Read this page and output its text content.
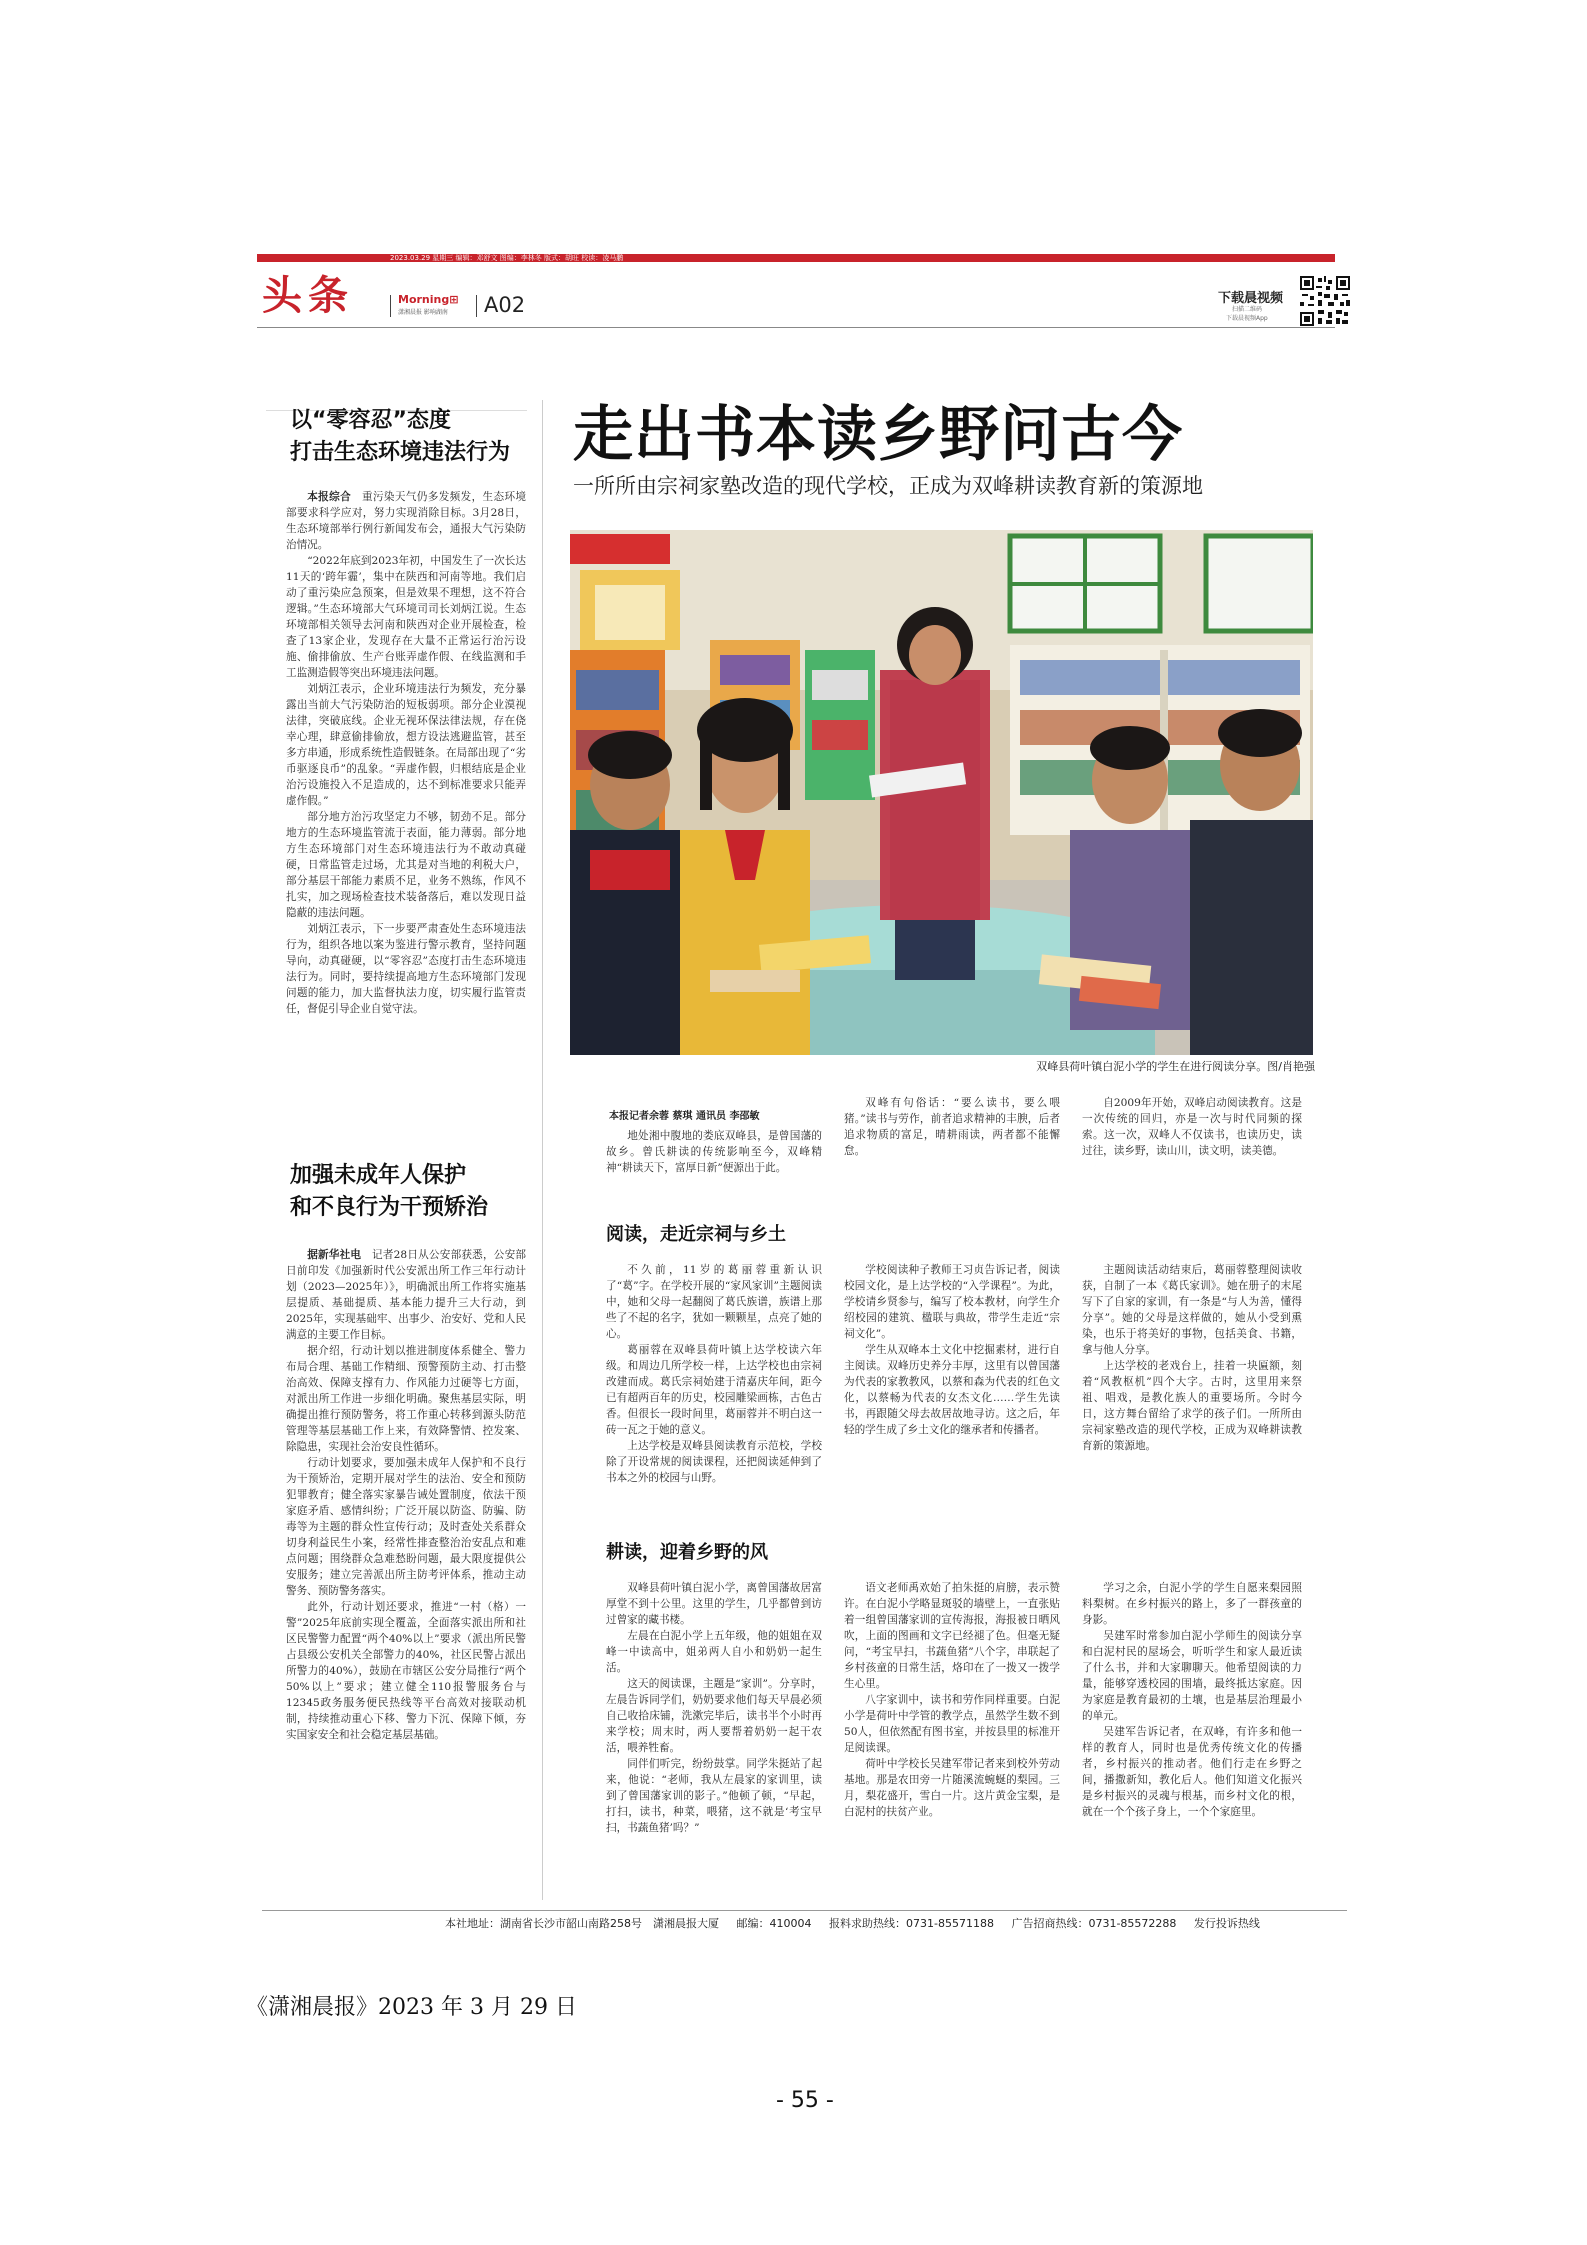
2023.03.29 星期三 编辑：邓舒文 图编：李林冬 版式：胡旺 校读：凌马鹏
头条	Morning⊞
潇湘晨报 影响湖南	A02	下载晨视频
扫描二维码
下载晨视频App
以“零容忍”态度
打击生态环境违法行为

本报综合　重污染天气仍多发频发，生态环境部要求科学应对，努力实现消除目标。3月28日，生态环境部举行例行新闻发布会，通报大气污染防治情况。

“2022年底到2023年初，中国发生了一次长达11天的‘跨年霾’，集中在陕西和河南等地。我们启动了重污染应急预案，但是效果不理想，这不符合逻辑。”生态环境部大气环境司司长刘炳江说。生态环境部相关领导去河南和陕西对企业开展检查，检查了13家企业，发现存在大量不正常运行治污设施、偷排偷放、生产台账弄虚作假、在线监测和手工监测造假等突出环境违法问题。

刘炳江表示，企业环境违法行为频发，充分暴露出当前大气污染防治的短板弱项。部分企业漠视法律，突破底线。企业无视环保法律法规，存在侥幸心理，肆意偷排偷放，想方设法逃避监管，甚至多方串通，形成系统性造假链条。在局部出现了“劣币驱逐良币”的乱象。“弄虚作假，归根结底是企业治污设施投入不足造成的，达不到标准要求只能弄虚作假。”

部分地方治污攻坚定力不够，韧劲不足。部分地方的生态环境监管流于表面，能力薄弱。部分地方生态环境部门对生态环境违法行为不敢动真碰硬，日常监管走过场，尤其是对当地的利税大户，部分基层干部能力素质不足，业务不熟练，作风不扎实，加之现场检查技术装备落后，难以发现日益隐蔽的违法问题。

刘炳江表示，下一步要严肃查处生态环境违法行为，组织各地以案为鉴进行警示教育，坚持问题导向，动真碰硬，以“零容忍”态度打击生态环境违法行为。同时，要持续提高地方生态环境部门发现问题的能力，加大监督执法力度，切实履行监管责任，督促引导企业自觉守法。

加强未成年人保护
和不良行为干预矫治

据新华社电　记者28日从公安部获悉，公安部日前印发《加强新时代公安派出所工作三年行动计划（2023—2025年）》，明确派出所工作将实施基层提质、基础提质、基本能力提升三大行动，到2025年，实现基础牢、出事少、治安好、党和人民满意的主要工作目标。

据介绍，行动计划以推进制度体系健全、警力布局合理、基础工作精细、预警预防主动、打击整治高效、保障支撑有力、作风能力过硬等七方面，对派出所工作进一步细化明确。聚焦基层实际，明确提出推行预防警务，将工作重心转移到源头防范管理等基层基础工作上来，有效降警情、控发案、除隐患，实现社会治安良性循环。

行动计划要求，要加强未成年人保护和不良行为干预矫治，定期开展对学生的法治、安全和预防犯罪教育；健全落实家暴告诫处置制度，依法干预家庭矛盾、感情纠纷；广泛开展以防盗、防骗、防毒等为主题的群众性宣传行动；及时查处关系群众切身利益民生小案，经常性排查整治治安乱点和难点问题；围绕群众急难愁盼问题，最大限度提供公安服务；建立完善派出所主防考评体系，推动主动警务、预防警务落实。

此外，行动计划还要求，推进“一村（格）一警”2025年底前实现全覆盖，全面落实派出所和社区民警警力配置“两个40%以上”要求（派出所民警占县级公安机关全部警力的40%，社区民警占派出所警力的40%），鼓励在市辖区公安分局推行“两个50%以上”要求；建立健全110报警服务台与12345政务服务便民热线等平台高效对接联动机制，持续推动重心下移、警力下沉、保障下倾，夯实国家安全和社会稳定基层基础。

走出书本读乡野问古今
一所所由宗祠家塾改造的现代学校，正成为双峰耕读教育新的策源地
双峰县荷叶镇白泥小学的学生在进行阅读分享。图/肖艳强
本报记者余蓉 蔡琪 通讯员 李邵敏

地处湘中腹地的娄底双峰县，是曾国藩的故乡。曾氏耕读的传统影响至今，双峰精神“耕读天下，富厚日新”便源出于此。

双峰有句俗话：“要么读书，要么喂猪。”读书与劳作，前者追求精神的丰腴，后者追求物质的富足，晴耕雨读，两者都不能懈怠。

自2009年开始，双峰启动阅读教育。这是一次传统的回归，亦是一次与时代同频的探索。这一次，双峰人不仅读书，也读历史，读过往，读乡野，读山川，读文明，读美德。

阅读，走近宗祠与乡土

不久前，11岁的葛丽蓉重新认识了“葛”字。在学校开展的“家风家训”主题阅读中，她和父母一起翻阅了葛氏族谱，族谱上那些了不起的名字，犹如一颗颗星，点亮了她的心。

葛丽蓉在双峰县荷叶镇上达学校读六年级。和周边几所学校一样，上达学校也由宗祠改建而成。葛氏宗祠始建于清嘉庆年间，距今已有超两百年的历史，校园雕梁画栋，古色古香。但很长一段时间里，葛丽蓉并不明白这一砖一瓦之于她的意义。

上达学校是双峰县阅读教育示范校，学校除了开设常规的阅读课程，还把阅读延伸到了书本之外的校园与山野。

学校阅读种子教师王习贞告诉记者，阅读校园文化，是上达学校的“入学课程”。为此，学校请乡贤参与，编写了校本教材，向学生介绍校园的建筑、楹联与典故，带学生走近“宗祠文化”。

学生从双峰本土文化中挖掘素材，进行自主阅读。双峰历史养分丰厚，这里有以曾国藩为代表的家教教风，以蔡和森为代表的红色文化，以蔡畅为代表的女杰文化……学生先读书，再跟随父母去故居故地寻访。这之后，年轻的学生成了乡土文化的继承者和传播者。

主题阅读活动结束后，葛丽蓉整理阅读收获，自制了一本《葛氏家训》。她在册子的末尾写下了自家的家训，有一条是“与人为善，懂得分享”。她的父母是这样做的，她从小受到熏染，也乐于将美好的事物，包括美食、书籍，拿与他人分享。

上达学校的老戏台上，挂着一块匾额，刻着“风教枢机”四个大字。古时，这里用来祭祖、唱戏，是教化族人的重要场所。今时今日，这方舞台留给了求学的孩子们。一所所由宗祠家塾改造的现代学校，正成为双峰耕读教育新的策源地。

耕读，迎着乡野的风

双峰县荷叶镇白泥小学，离曾国藩故居富厚堂不到十公里。这里的学生，几乎都曾到访过曾家的藏书楼。

左晨在白泥小学上五年级，他的姐姐在双峰一中读高中，姐弟两人自小和奶奶一起生活。

这天的阅读课，主题是“家训”。分享时，左晨告诉同学们，奶奶要求他们每天早晨必须自己收拾床铺，洗漱完毕后，读书半个小时再来学校；周末时，两人要帮着奶奶一起干农活，喂养牲畜。

同伴们听完，纷纷鼓掌。同学朱挺站了起来，他说：“老师，我从左晨家的家训里，读到了曾国藩家训的影子。”他顿了顿，“早起，打扫，读书，种菜，喂猪，这不就是‘考宝早扫，书蔬鱼猪’吗？”

语文老师禹欢始了拍朱挺的肩膀，表示赞许。在白泥小学略显斑驳的墙壁上，一直张贴着一组曾国藩家训的宣传海报，海报被日晒风吹，上面的图画和文字已经褪了色。但毫无疑问，“考宝早扫，书蔬鱼猪”八个字，串联起了乡村孩童的日常生活，烙印在了一拨又一拨学生心里。

八字家训中，读书和劳作同样重要。白泥小学是荷叶中学管的教学点，虽然学生数不到50人，但依然配有图书室，并按县里的标准开足阅读课。

荷叶中学校长吴建军带记者来到校外劳动基地。那是农田旁一片随溪流蜿蜒的梨园。三月，梨花盛开，雪白一片。这片黄金宝梨，是白泥村的扶贫产业。

学习之余，白泥小学的学生自愿来梨园照料梨树。在乡村振兴的路上，多了一群孩童的身影。

吴建军时常参加白泥小学师生的阅读分享和白泥村民的屋场会，听听学生和家人最近读了什么书，并和大家聊聊天。他希望阅读的力量，能够穿透校园的围墙，最终抵达家庭。因为家庭是教育最初的土壤，也是基层治理最小的单元。

吴建军告诉记者，在双峰，有许多和他一样的教育人，同时也是优秀传统文化的传播者，乡村振兴的推动者。他们行走在乡野之间，播撒新知，教化后人。他们知道文化振兴是乡村振兴的灵魂与根基，而乡村文化的根，就在一个个孩子身上，一个个家庭里。

本社地址：湖南省长沙市韶山南路258号　潇湘晨报大厦 邮编：410004 报料求助热线：0731-85571188 广告招商热线：0731-85572288 发行投诉热线
《潇湘晨报》2023 年 3 月 29 日
- 55 -
